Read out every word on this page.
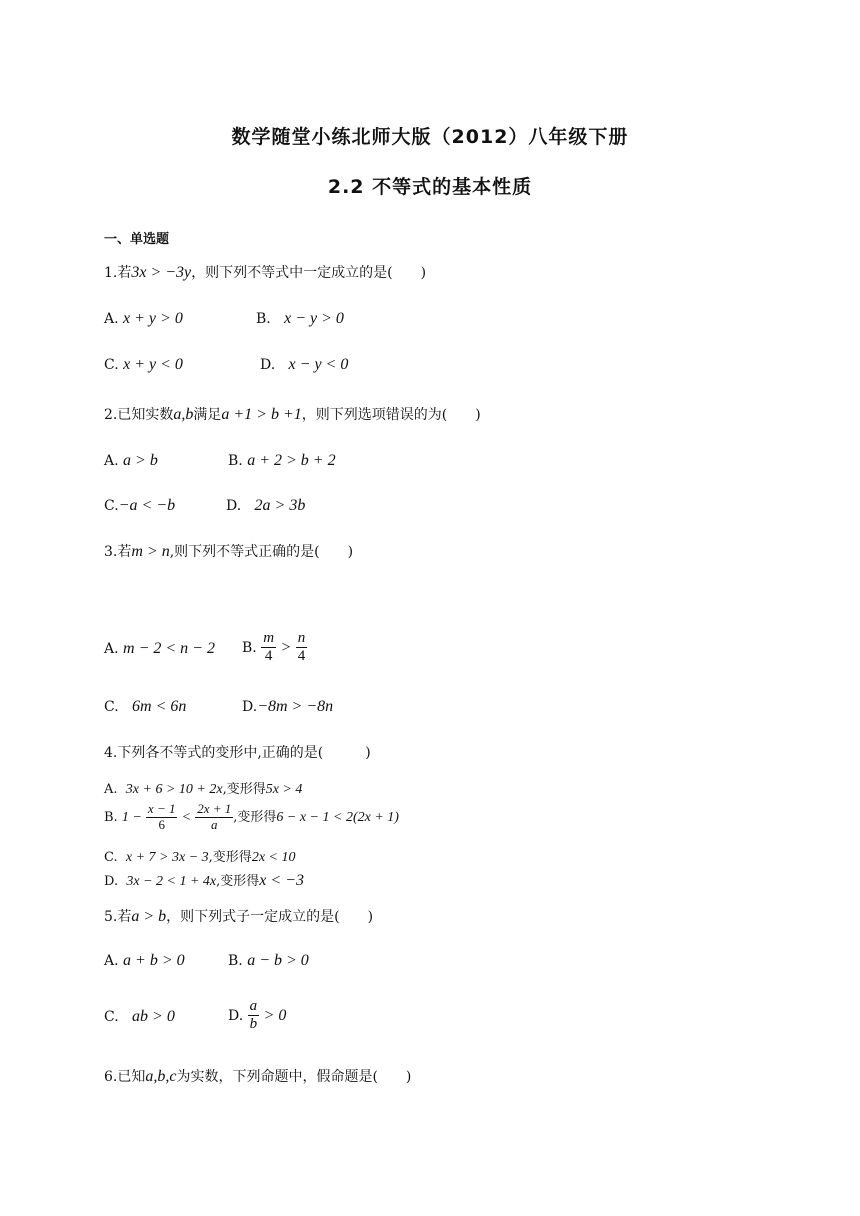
数学随堂小练北师大版（2012）八年级下册
2.2 不等式的基本性质
一、单选题
1.若3x > −3y，则下列不等式中一定成立的是(　　)
A. x + y > 0	B. x − y > 0
C. x + y < 0	D. x − y < 0
2.已知实数a,b满足a +1 > b +1，则下列选项错误的为(　　)
A. a > b	B. a + 2 > b + 2
C.−a < −b	D. 2a > 3b
3.若m > n,则下列不等式正确的是(　　)
A. m − 2 < n − 2 B. $\frac{m}{4} > \frac{n}{4}$
C. 6m < 6n	D.−8m > −8n
4.下列各不等式的变形中,正确的是(　　　)
A. 3x + 6 > 10 + 2x,变形得5x > 4
B. $1 - \frac{x - 1}{6} < \frac{2x + 1}{a}$ ,变形得6 − x − 1 < 2(2x + 1)
C. x + 7 > 3x − 3,变形得2x < 10
D. 3x − 2 < 1 + 4x,变形得x < −3
5.若a > b，则下列式子一定成立的是(　　)
A. a + b > 0	B. a − b > 0
C. ab > 0	D. $\frac{a}{b} > 0$
6.已知a,b,c为实数，下列命题中，假命题是(　　)
